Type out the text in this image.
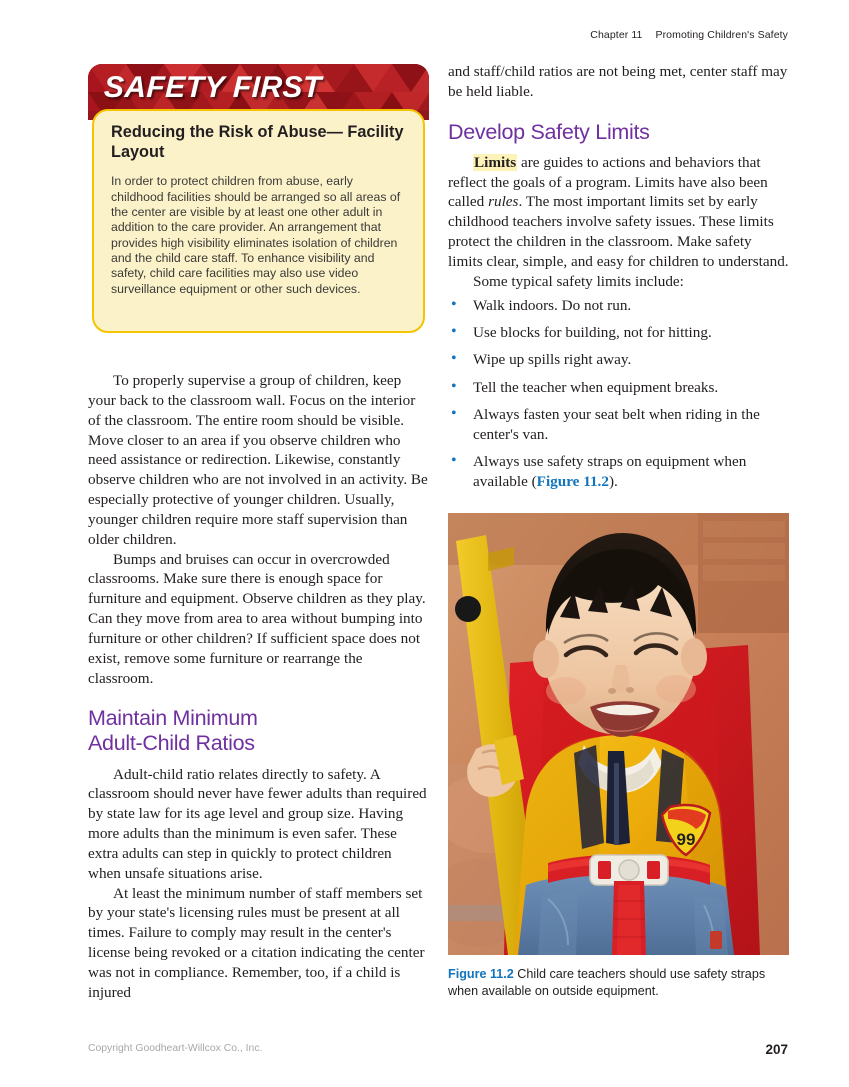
Chapter 11 Promoting Children's Safety
SAFETY FIRST
Reducing the Risk of Abuse— Facility Layout

In order to protect children from abuse, early childhood facilities should be arranged so all areas of the center are visible by at least one other adult in addition to the care provider. An arrangement that provides high visibility eliminates isolation of children and the child care staff. To enhance visibility and safety, child care facilities may also use video surveillance equipment or other such devices.

To properly supervise a group of children, keep your back to the classroom wall. Focus on the interior of the classroom. The entire room should be visible. Move closer to an area if you observe children who need assistance or redirection. Likewise, constantly observe children who are not involved in an activity. Be especially protective of younger children. Usually, younger children require more staff supervision than older children.

Bumps and bruises can occur in overcrowded classrooms. Make sure there is enough space for furniture and equipment. Observe children as they play. Can they move from area to area without bumping into furniture or other children? If sufficient space does not exist, remove some furniture or rearrange the classroom.

Maintain Minimum
Adult-Child Ratios

Adult-child ratio relates directly to safety. A classroom should never have fewer adults than required by state law for its age level and group size. Having more adults than the minimum is even safer. These extra adults can step in quickly to protect children when unsafe situations arise.

At least the minimum number of staff members set by your state's licensing rules must be present at all times. Failure to comply may result in the center's license being revoked or a citation indicating the center was not in compliance. Remember, too, if a child is injured

and staff/child ratios are not being met, center staff may be held liable.

Develop Safety Limits

Limits are guides to actions and behaviors that reflect the goals of a program. Limits have also been called rules. The most important limits set by early childhood teachers involve safety issues. These limits protect the children in the classroom. Make safety limits clear, simple, and easy for children to understand.

Some typical safety limits include:

• Walk indoors. Do not run.
• Use blocks for building, not for hitting.
• Wipe up spills right away.
• Tell the teacher when equipment breaks.
• Always fasten your seat belt when riding in the center's van.
• Always use safety straps on equipment when available (Figure 11.2).
99
Figure 11.2 Child care teachers should use safety straps when available on outside equipment.
Copyright Goodheart-Willcox Co., Inc.	207
